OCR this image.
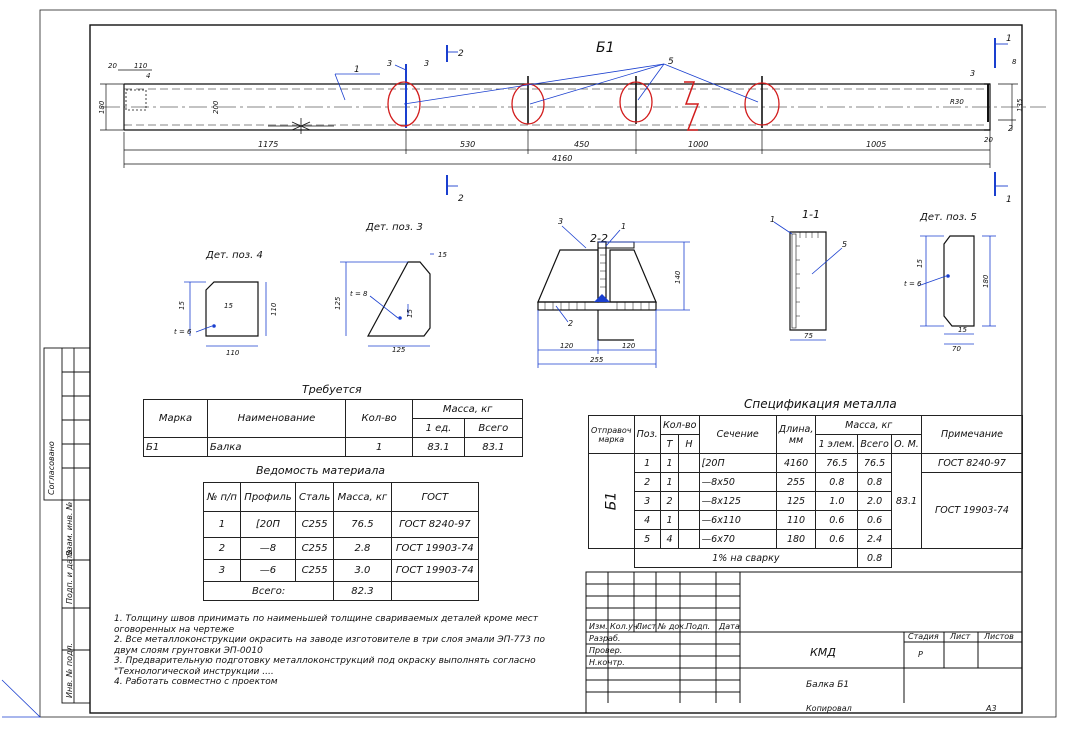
Согласовано
Взам. инв. №
Подп. и дата
Инв. № подл.
Б1
5
1
3	3
3
2
4
2
2
1
1
1175	530	450	1000	1005
4160
20 110
180	200
8
135
20
R30
Дет. поз. 4
15	15
110
110
t = 6
Дет. поз. 3
t = 8
15
125
125
15
2-2
3
1
2
140
120	120
255
1-1
1
5
75
Дет. поз. 5
t = 6
15
180
15
70
Требуется
Марка	Наименование	Кол-во	Масса, кг	
			1 ед.	Всего
Б1	Балка	1	83.1	83.1
Ведомость материала
№ п/п	Профиль	Сталь	Масса, кг	ГОСТ
1	[20П	С255	76.5	ГОСТ 8240-97
2	—8	С255	2.8	ГОСТ 19903-74
3	—6	С255	3.0	ГОСТ 19903-74
Всего:			82.3	
Спецификация металла
Отправоч марка	Поз.	Кол-во		Сечение	Длина, мм	Масса, кг			Примечание
		Т	Н			1 элем.	Всего	О. М.	
Б1	1	1		[20П	4160	76.5	76.5	83.1	ГОСТ 8240-97
	2	1		—8x50	255	0.8	0.8		ГОСТ 19903-74
	3	2		—8x125	125	1.0	2.0		
	4	1		—6x110	110	0.6	0.6		
	5	4		—6x70	180	0.6	2.4		
	1% на сварку						0.8		
1. Толщину швов принимать по наименьшей толщине свариваемых деталей кроме мест
оговоренных на чертеже
2. Все металлоконструкции окрасить на заводе изготовителе в три слоя эмали ЭП-773 по
двум слоям грунтовки ЭП-0010
3. Предварительную подготовку металлоконструкций под окраску выполнять согласно
"Технологической инструкции ....
4. Работать совместно с проектом
Изм. Кол.уч.
Лист № док. Подп. Дата
Разраб.
Провер.
Н.контр.
КМД
Балка Б1
Стадия Лист Листов
Р
Копировал	А3
